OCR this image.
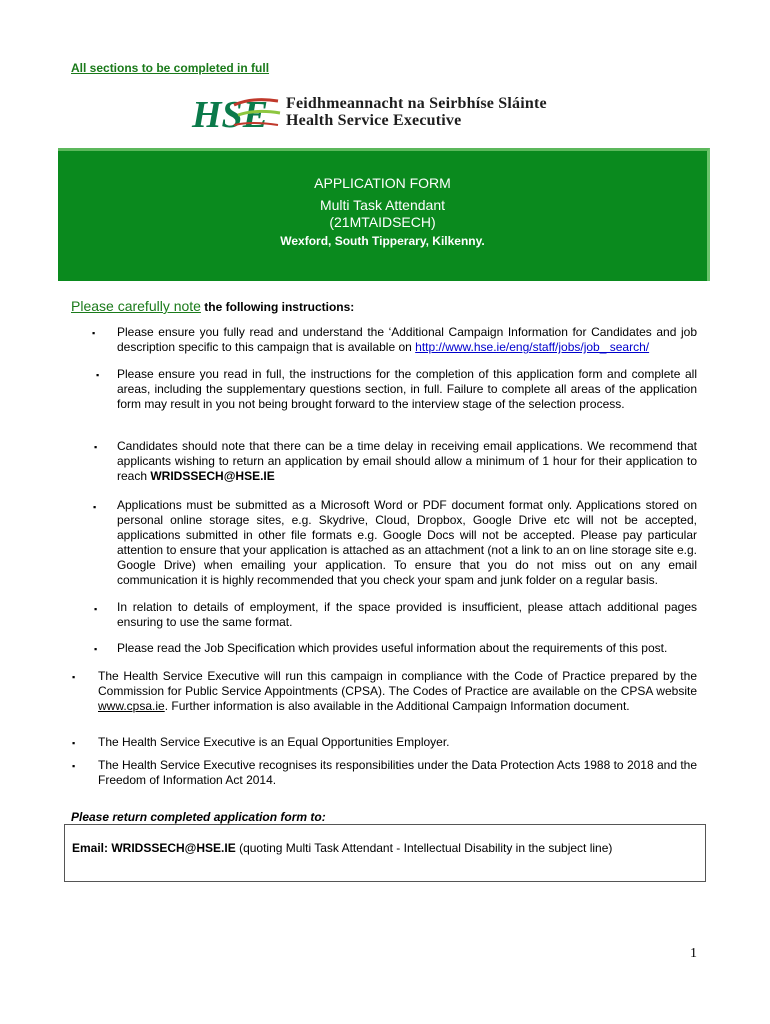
All sections to be completed in full
HSE Feidhmeannacht na Seirbhíse Sláinte
Health Service Executive
APPLICATION FORM
Multi Task Attendant
(21MTAIDSECH)
Wexford, South Tipperary, Kilkenny.
Please carefully note the following instructions:
▪ Please ensure you fully read and understand the ‘Additional Campaign Information for Candidates and job description specific to this campaign that is available on http://www.hse.ie/eng/staff/jobs/job_ search/
▪ Please ensure you read in full, the instructions for the completion of this application form and complete all areas, including the supplementary questions section, in full. Failure to complete all areas of the application form may result in you not being brought forward to the interview stage of the selection process.
▪ Candidates should note that there can be a time delay in receiving email applications. We recommend that applicants wishing to return an application by email should allow a minimum of 1 hour for their application to reach WRIDSSECH@HSE.IE
▪ Applications must be submitted as a Microsoft Word or PDF document format only. Applications stored on personal online storage sites, e.g. Skydrive, Cloud, Dropbox, Google Drive etc will not be accepted, applications submitted in other file formats e.g. Google Docs will not be accepted. Please pay particular attention to ensure that your application is attached as an attachment (not a link to an on line storage site e.g. Google Drive) when emailing your application. To ensure that you do not miss out on any email communication it is highly recommended that you check your spam and junk folder on a regular basis.
▪ In relation to details of employment, if the space provided is insufficient, please attach additional pages ensuring to use the same format.
▪ Please read the Job Specification which provides useful information about the requirements of this post.
▪ The Health Service Executive will run this campaign in compliance with the Code of Practice prepared by the Commission for Public Service Appointments (CPSA). The Codes of Practice are available on the CPSA website www.cpsa.ie. Further information is also available in the Additional Campaign Information document.
▪ The Health Service Executive is an Equal Opportunities Employer.
▪ The Health Service Executive recognises its responsibilities under the Data Protection Acts 1988 to 2018 and the Freedom of Information Act 2014.
Please return completed application form to:
Email: WRIDSSECH@HSE.IE (quoting Multi Task Attendant - Intellectual Disability in the subject line)
1
